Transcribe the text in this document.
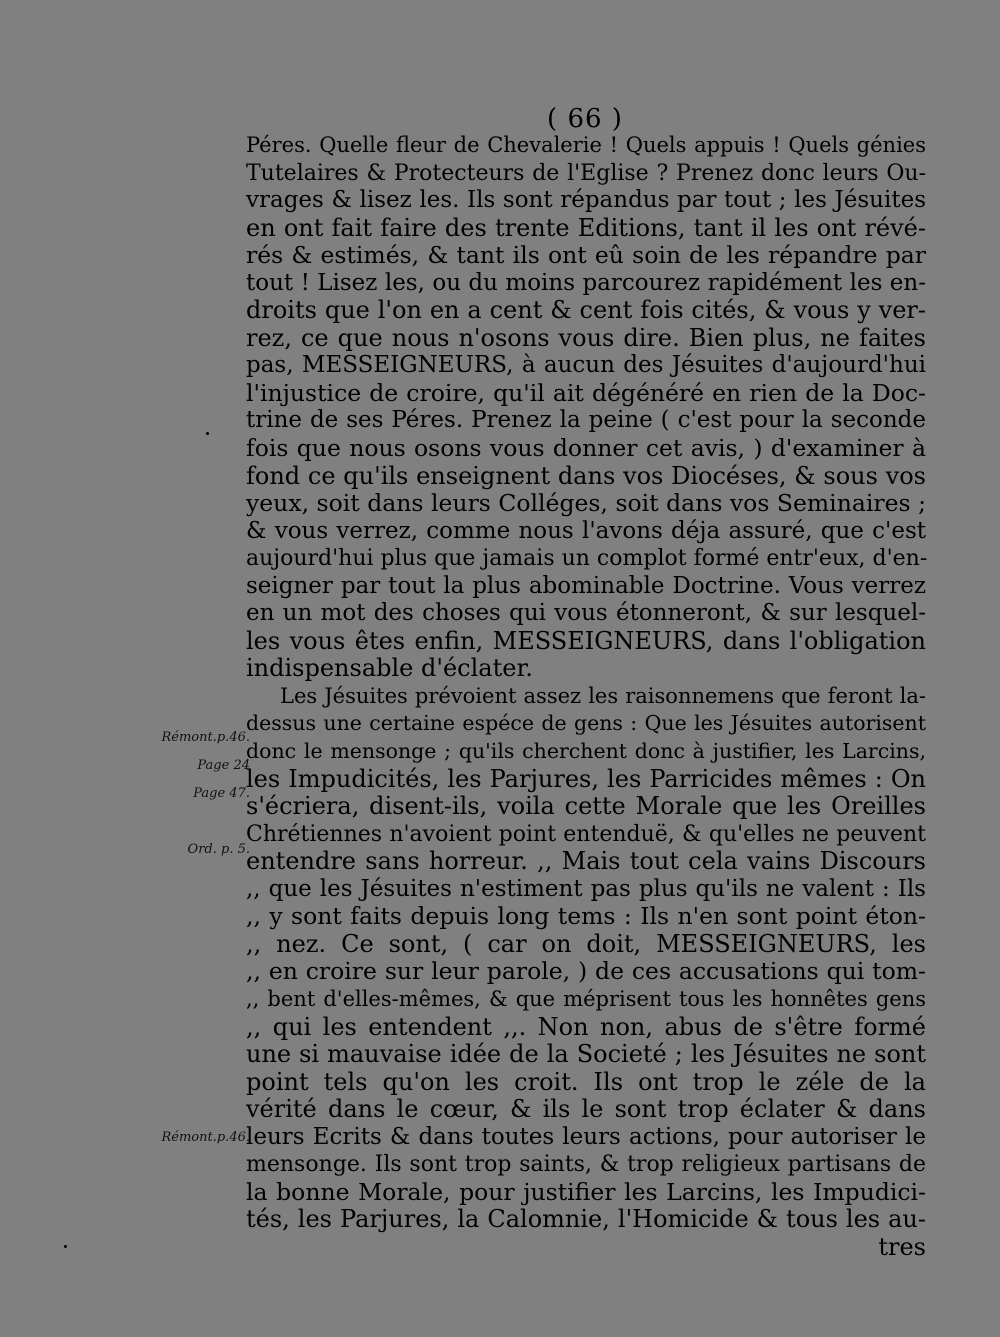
( 66 )
Rémont.p.46.
Page 24
Page 47.
Ord. p. 5.
Rémont.p.46.
Péres. Quelle fleur de Chevalerie ! Quels appuis ! Quels génies
Tutelaires & Protecteurs de l'Eglise ? Prenez donc leurs Ou-
vrages & lisez les. Ils sont répandus par tout ; les Jésuites
en ont fait faire des trente Editions, tant il les ont révé-
rés & estimés, & tant ils ont eû soin de les répandre par
tout ! Lisez les, ou du moins parcourez rapidément les en-
droits que l'on en a cent & cent fois cités, & vous y ver-
rez, ce que nous n'osons vous dire. Bien plus, ne faites
pas, MESSEIGNEURS, à aucun des Jésuites d'aujourd'hui
l'injustice de croire, qu'il ait dégénéré en rien de la Doc-
trine de ses Péres. Prenez la peine ( c'est pour la seconde
fois que nous osons vous donner cet avis, ) d'examiner à
fond ce qu'ils enseignent dans vos Diocéses, & sous vos
yeux, soit dans leurs Colléges, soit dans vos Seminaires ;
& vous verrez, comme nous l'avons déja assuré, que c'est
aujourd'hui plus que jamais un complot formé entr'eux, d'en-
seigner par tout la plus abominable Doctrine. Vous verrez
en un mot des choses qui vous étonneront, & sur lesquel-
les vous êtes enfin, MESSEIGNEURS, dans l'obligation
indispensable d'éclater.
Les Jésuites prévoient assez les raisonnemens que feront la-
dessus une certaine espéce de gens : Que les Jésuites autorisent
donc le mensonge ; qu'ils cherchent donc à justifier, les Larcins,
les Impudicités, les Parjures, les Parricides mêmes : On
s'écriera, disent-ils, voila cette Morale que les Oreilles
Chrétiennes n'avoient point entenduë, & qu'elles ne peuvent
entendre sans horreur. ,, Mais tout cela vains Discours
,, que les Jésuites n'estiment pas plus qu'ils ne valent : Ils
,, y sont faits depuis long tems : Ils n'en sont point éton-
,, nez. Ce sont, ( car on doit, MESSEIGNEURS, les
,, en croire sur leur parole, ) de ces accusations qui tom-
,, bent d'elles-mêmes, & que méprisent tous les honnêtes gens
,, qui les entendent ,,. Non non, abus de s'être formé
une si mauvaise idée de la Societé ; les Jésuites ne sont
point tels qu'on les croit. Ils ont trop le zéle de la
vérité dans le cœur, & ils le sont trop éclater & dans
leurs Ecrits & dans toutes leurs actions, pour autoriser le
mensonge. Ils sont trop saints, & trop religieux partisans de
la bonne Morale, pour justifier les Larcins, les Impudici-
tés, les Parjures, la Calomnie, l'Homicide & tous les au-
tres
